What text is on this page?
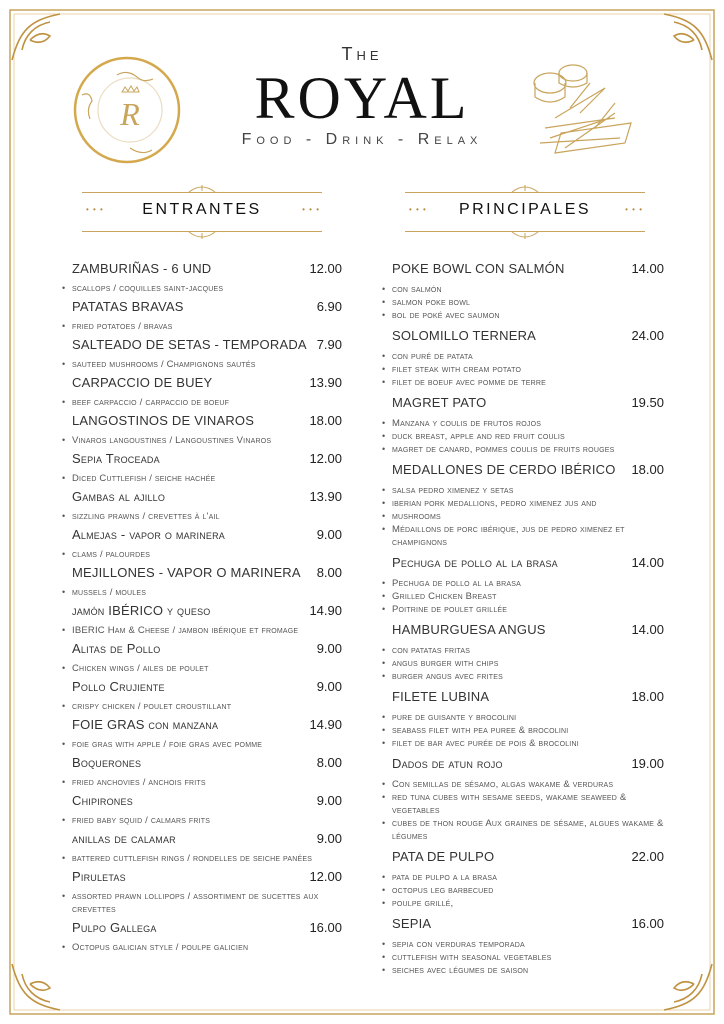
R
The
ROYAL
Food - Drink - Relax
• • •	ENTRANTES	• • •	• • •	PRINCIPALES	• • •
ZAMBURIÑAS - 6 UND	12.00
• scallops / coquilles saint-jacques
PATATAS BRAVAS	6.90
• fried potatoes / bravas
SALTEADO DE SETAS - TEMPORADA 7.90
• sauteed mushrooms / Champignons sautés
CARPACCIO DE BUEY	13.90
• beef carpaccio / carpaccio de boeuf
LANGOSTINOS DE VINAROS	18.00
• Vinaros langoustines / Langoustines Vinaros
Sepia Troceada	12.00
• Diced Cuttlefish / seiche hachée
Gambas al ajillo	13.90
• sizzling prawns / crevettes à l'ail
Almejas - vapor o marinera	9.00
• clams / palourdes
MEJILLONES - VAPOR O MARINERA	8.00
• mussels / moules
jamón IBÉRICO y queso	14.90
• IBERIC Ham & Cheese / jambon ibérique et fromage
Alitas de Pollo	9.00
• Chicken wings / ailes de poulet
Pollo Crujiente	9.00
• crispy chicken / poulet croustillant
FOIE GRAS con manzana	14.90
• foie gras with apple / foie gras avec pomme
Boquerones	8.00
• fried anchovies / anchois frits
Chipirones	9.00
• fried baby squid / calmars frits
anillas de calamar	9.00
• battered cuttlefish rings / rondelles de seiche panées
Piruletas	12.00
• assorted prawn lollipops / assortiment de sucettes aux crevettes
Pulpo Gallega	16.00
• Octopus galician style / poulpe galicien
POKE BOWL CON SALMÓN	14.00
• con salmón
• salmon poke bowl
• bol de poké avec saumon
SOLOMILLO TERNERA	24.00
• con puré de patata
• filet steak with cream potato
• filet de boeuf avec pomme de terre
MAGRET PATO	19.50
• Manzana y coulis de frutos rojos
• duck breast, apple and red fruit coulis
• magret de canard, pommes coulis de fruits rouges
MEDALLONES DE CERDO IBÉRICO	18.00
• salsa pedro ximenez y setas
• iberian pork medallions, pedro ximenez jus and
• mushrooms
• Médaillons de porc ibérique, jus de pedro ximenez et champignons
Pechuga de pollo al la brasa	14.00
• Pechuga de pollo al la brasa
• Grilled Chicken Breast
• Poitrine de poulet grillée
HAMBURGUESA ANGUS	14.00
• con patatas fritas
• angus burger with chips
• burger angus avec frites
FILETE LUBINA	18.00
• pure de guisante y brocolini
• seabass filet with pea puree & brocolini
• filet de bar avec purée de pois & brocolini
Dados de atun rojo	19.00
• Con semillas de sésamo, algas wakame & verduras
• red tuna cubes with sesame seeds, wakame seaweed & vegetables
• cubes de thon rouge Aux graines de sésame, algues wakame & légumes
PATA DE PULPO	22.00
• pata de pulpo a la brasa
• octopus leg barbecued
• poulpe grillé,
SEPIA	16.00
• sepia con verduras temporada
• cuttlefish with seasonal vegetables
• seiches avec légumes de saison
